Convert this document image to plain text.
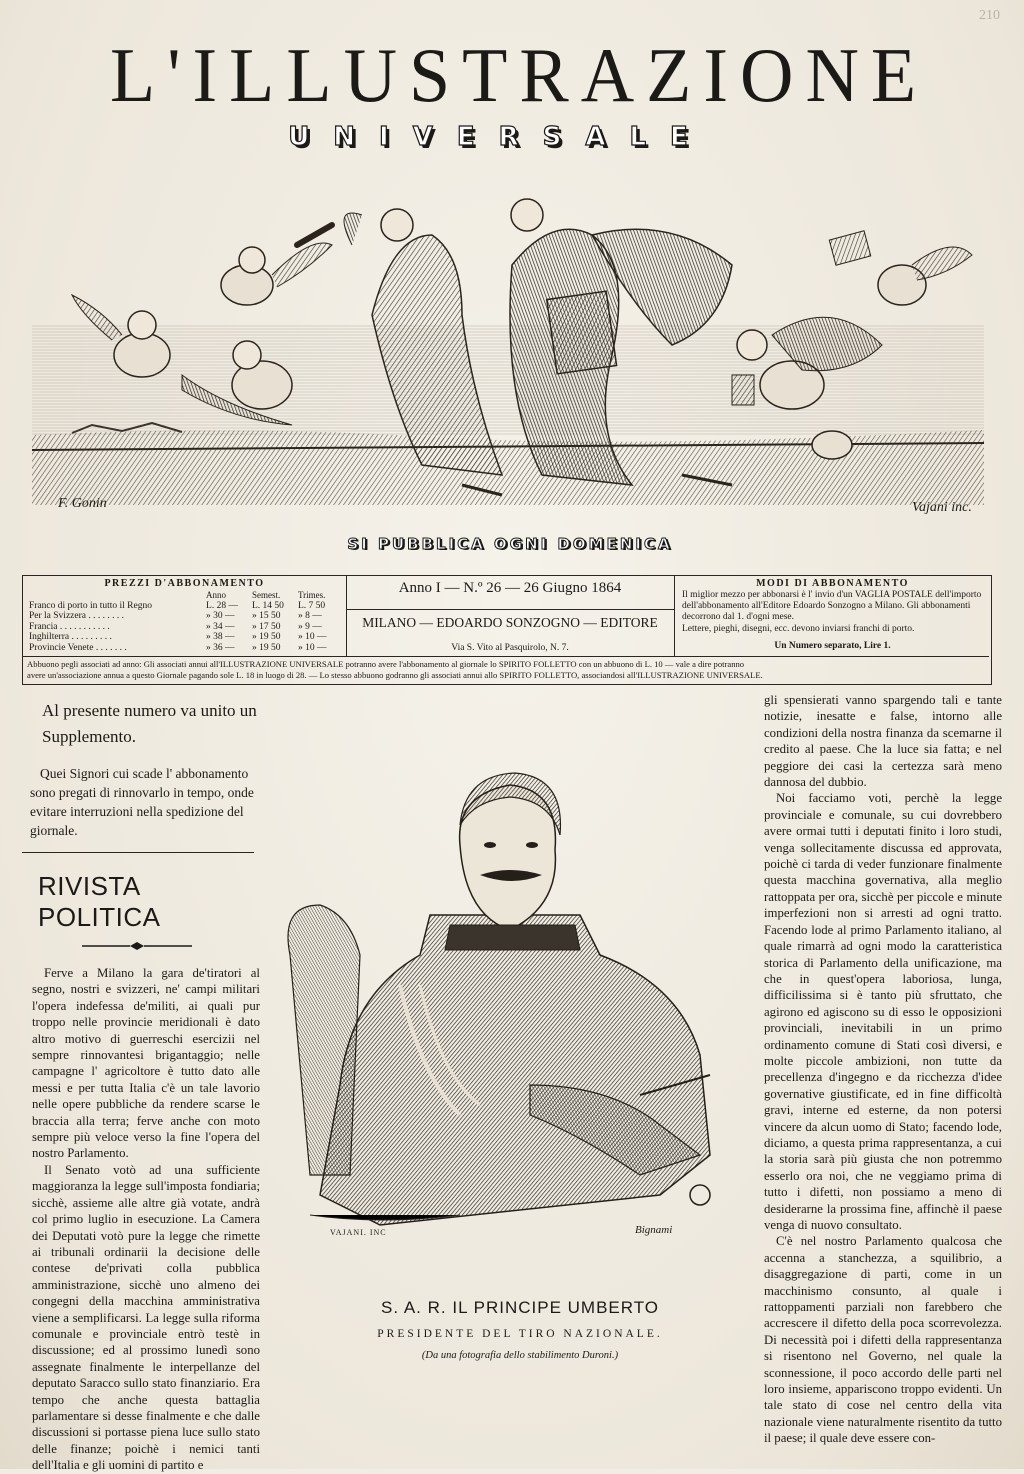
210
L'ILLUSTRAZIONE
UNIVERSALE
F. Gonin	Vajani inc.
SI PUBBLICA OGNI DOMENICA
PREZZI D'ABBONAMENTO
	Anno	Semest.	Trimes.
Franco di porto in tutto il Regno	L. 28 —	L. 14 50	L. 7 50
Per la Svizzera . . . . . . . .	» 30 —	» 15 50	» 8 —
Francia . . . . . . . . . . .	» 34 —	» 17 50	» 9 —
Inghilterra . . . . . . . . .	» 38 —	» 19 50	» 10 —
Provincie Venete . . . . . . .	» 36 —	» 19 50	» 10 —
Anno I — N.º 26 — 26 Giugno 1864
MILANO — EDOARDO SONZOGNO — EDITORE
Via S. Vito al Pasquirolo, N. 7.
MODI DI ABBONAMENTO

Il miglior mezzo per abbonarsi è l' invio d'un VAGLIA POSTALE dell'importo dell'abbonamento all'Editore Edoardo Sonzogno a Milano. Gli abbonamenti decorrono dal 1. d'ogni mese.

Lettere, pieghi, disegni, ecc. devono inviarsi franchi di porto.

Un Numero separato, Lire 1.

Abbuono pegli associati ad anno: Gli associati annui all'ILLUSTRAZIONE UNIVERSALE potranno avere l'abbonamento al giornale lo SPIRITO FOLLETTO con un abbuono di L. 10 — vale a dire potranno
avere un'associazione annua a questo Giornale pagando sole L. 18 in luogo di 28. — Lo stesso abbuono godranno gli associati annui allo SPIRITO FOLLETTO, associandosi all'ILLUSTRAZIONE UNIVERSALE.
Al presente numero va unito un Supplemento.
Quei Signori cui scade l' abbonamento sono pregati di rinnovarlo in tempo, onde evitare interruzioni nella spedizione del giornale.
RIVISTA POLITICA

Ferve a Milano la gara de'tiratori al segno, nostri e svizzeri, ne' campi militari l'opera indefessa de'militi, ai quali pur troppo nelle provincie meridionali è dato altro motivo di guerreschi esercizii nel sempre rinnovantesi brigantaggio; nelle campagne l' agricoltore è tutto dato alle messi e per tutta Italia c'è un tale lavorio nelle opere pubbliche da rendere scarse le braccia alla terra; ferve anche con moto sempre più veloce verso la fine l'opera del nostro Parlamento.

Il Senato votò ad una sufficiente maggioranza la legge sull'imposta fondiaria; sicchè, assieme alle altre già votate, andrà col primo luglio in esecuzione. La Camera dei Deputati votò pure la legge che rimette ai tribunali ordinarii la decisione delle contese de'privati colla pubblica amministrazione, sicchè uno almeno dei congegni della macchina amministrativa viene a semplificarsi. La legge sulla riforma comunale e provinciale entrò testè in discussione; ed al prossimo lunedì sono assegnate finalmente le interpellanze del deputato Saracco sullo stato finanziario. Era tempo che anche questa battaglia parlamentare si desse finalmente e che dalle discussioni si portasse piena luce sullo stato delle finanze; poichè i nemici tanti dell'Italia e gli uomini di partito e

VAJANI. INC	Bignami
S. A. R. IL PRINCIPE UMBERTO
PRESIDENTE DEL TIRO NAZIONALE.
(Da una fotografia dello stabilimento Duroni.)

gli spensierati vanno spargendo tali e tante notizie, inesatte e false, intorno alle condizioni della nostra finanza da scemarne il credito al paese. Che la luce sia fatta; e nel peggiore dei casi la certezza sarà meno dannosa del dubbio.

Noi facciamo voti, perchè la legge provinciale e comunale, su cui dovrebbero avere ormai tutti i deputati finito i loro studi, venga sollecitamente discussa ed approvata, poichè ci tarda di veder funzionare finalmente questa macchina governativa, alla meglio rattoppata per ora, sicchè per piccole e minute imperfezioni non si arresti ad ogni tratto. Facendo lode al primo Parlamento italiano, al quale rimarrà ad ogni modo la caratteristica storica di Parlamento della unificazione, ma che in quest'opera laboriosa, lunga, difficilissima si è tanto più sfruttato, che agirono ed agiscono su di esso le opposizioni provinciali, inevitabili in un primo ordinamento comune di Stati così diversi, e molte piccole ambizioni, non tutte da precellenza d'ingegno e da ricchezza d'idee governative giustificate, ed in fine difficoltà gravi, interne ed esterne, da non potersi vincere da alcun uomo di Stato; facendo lode, diciamo, a questa prima rappresentanza, a cui la storia sarà più giusta che non potremmo esserlo ora noi, che ne veggiamo prima di tutto i difetti, non possiamo a meno di desiderarne la prossima fine, affinchè il paese venga di nuovo consultato.

C'è nel nostro Parlamento qualcosa che accenna a stanchezza, a squilibrio, a disaggregazione di parti, come in un macchinismo consunto, al quale i rattoppamenti parziali non farebbero che accrescere il difetto della poca scorrevolezza. Di necessità poi i difetti della rappresentanza si risentono nel Governo, nel quale la sconnessione, il poco accordo delle parti nel loro insieme, appariscono troppo evidenti. Un tale stato di cose nel centro della vita nazionale viene naturalmente risentito da tutto il paese; il quale deve essere con-
